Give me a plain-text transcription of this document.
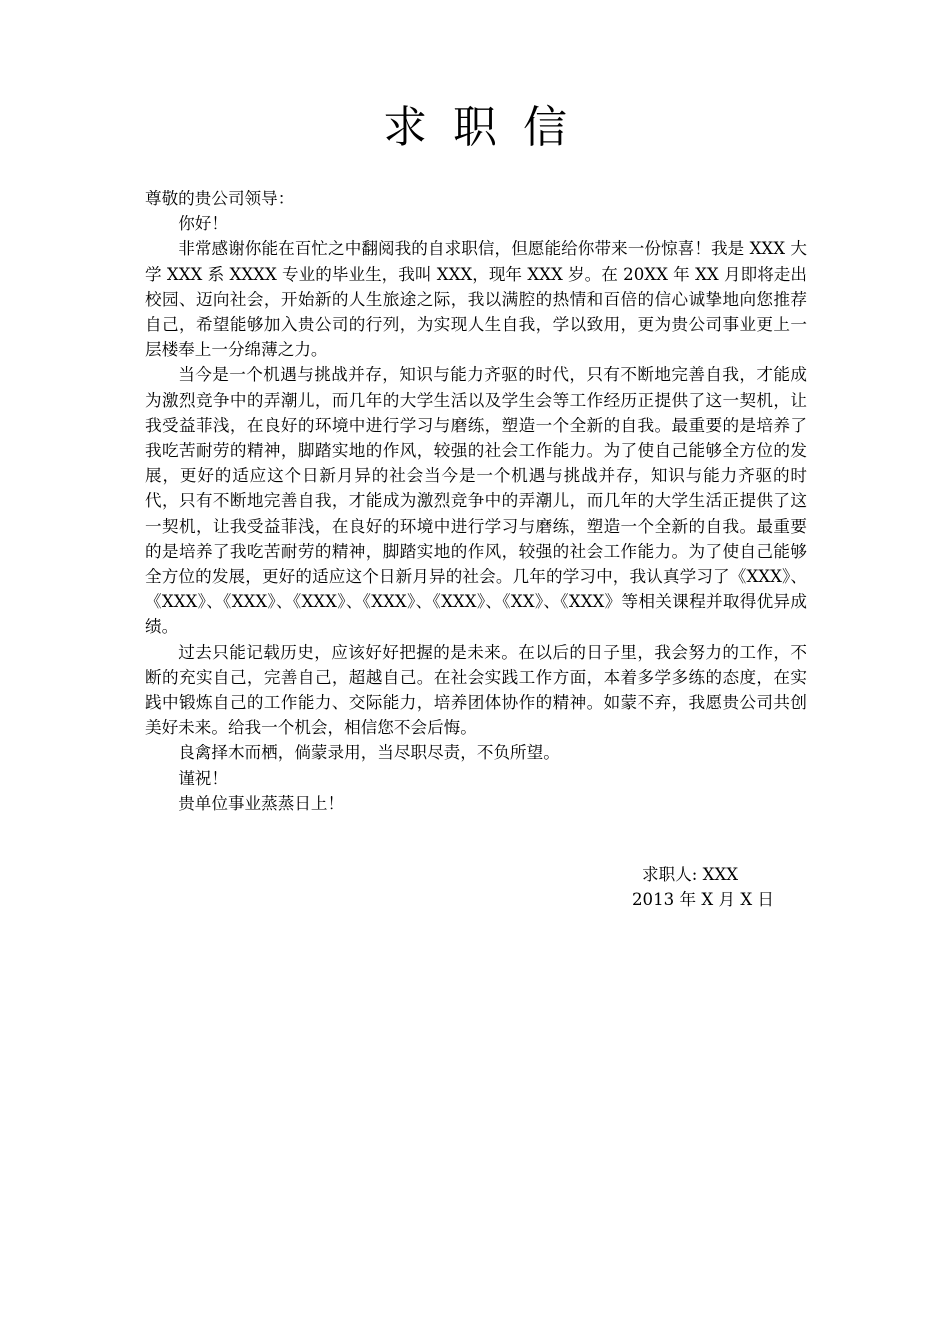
求职信

尊敬的贵公司领导：

你好！

非常感谢你能在百忙之中翻阅我的自求职信，但愿能给你带来一份惊喜！我是 XXX 大学 XXX 系 XXXX 专业的毕业生，我叫 XXX，现年 XXX 岁。在 20XX 年 XX 月即将走出校园、迈向社会，开始新的人生旅途之际，我以满腔的热情和百倍的信心诚挚地向您推荐自己，希望能够加入贵公司的行列，为实现人生自我，学以致用，更为贵公司事业更上一层楼奉上一分绵薄之力。

当今是一个机遇与挑战并存，知识与能力齐驱的时代，只有不断地完善自我，才能成为激烈竞争中的弄潮儿，而几年的大学生活以及学生会等工作经历正提供了这一契机，让我受益菲浅，在良好的环境中进行学习与磨练，塑造一个全新的自我。最重要的是培养了我吃苦耐劳的精神，脚踏实地的作风，较强的社会工作能力。为了使自己能够全方位的发展，更好的适应这个日新月异的社会当今是一个机遇与挑战并存，知识与能力齐驱的时代，只有不断地完善自我，才能成为激烈竞争中的弄潮儿，而几年的大学生活正提供了这一契机，让我受益菲浅，在良好的环境中进行学习与磨练，塑造一个全新的自我。最重要的是培养了我吃苦耐劳的精神，脚踏实地的作风，较强的社会工作能力。为了使自己能够全方位的发展，更好的适应这个日新月异的社会。几年的学习中，我认真学习了《XXX》、《XXX》、《XXX》、《XXX》、《XXX》、《XXX》、《XX》、《XXX》等相关课程并取得优异成绩。

过去只能记载历史，应该好好把握的是未来。在以后的日子里，我会努力的工作，不断的充实自己，完善自己，超越自己。在社会实践工作方面，本着多学多练的态度，在实践中锻炼自己的工作能力、交际能力，培养团体协作的精神。如蒙不弃，我愿贵公司共创美好未来。给我一个机会，相信您不会后悔。

良禽择木而栖，倘蒙录用，当尽职尽责，不负所望。

谨祝！

贵单位事业蒸蒸日上！

求职人: XXX
2013 年 X 月 X 日
